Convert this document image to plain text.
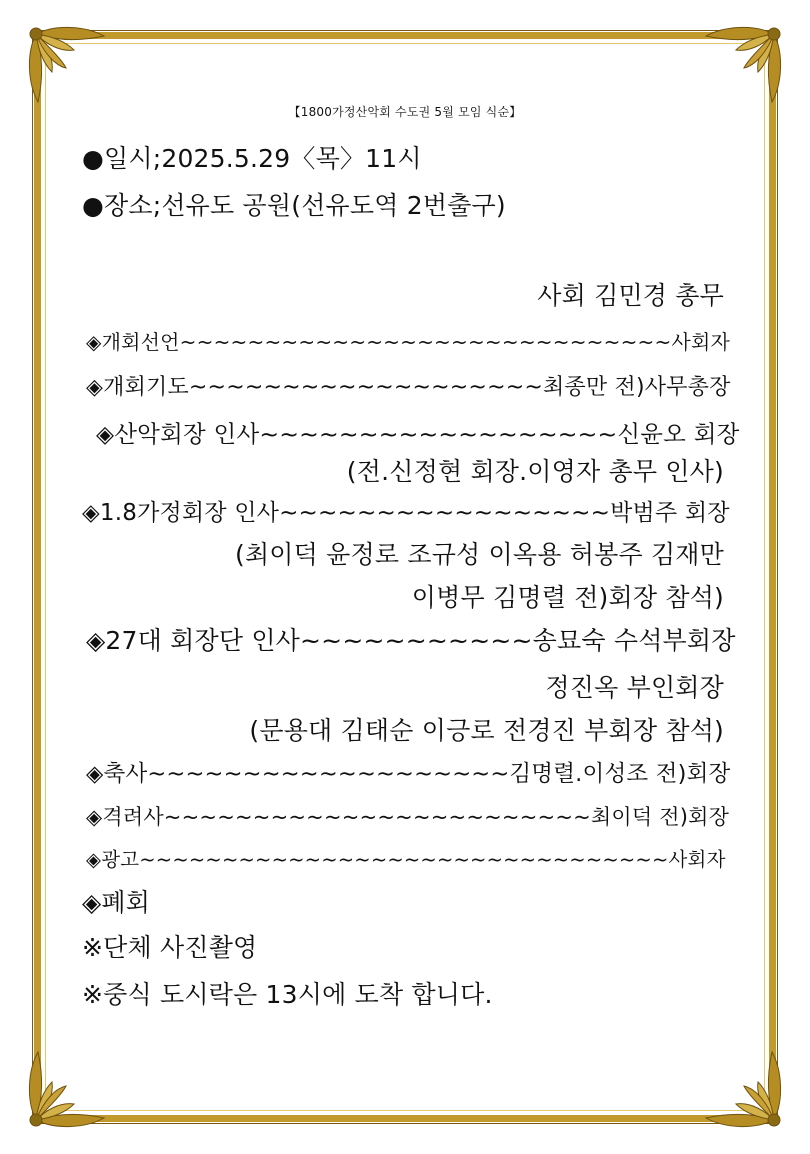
【1800가정산악회 수도권 5월 모임 식순】
●일시;2025.5.29〈목〉11시
●장소;선유도 공원(선유도역 2번출구)
사회 김민경 총무
◈개회선언~~~~~~~~~~~~~~~~~~~~~~~~~~~~~사회자
◈개회기도~~~~~~~~~~~~~~~~~~~최종만 전)사무총장
◈산악회장 인사~~~~~~~~~~~~~~~~~~신윤오 회장
(전.신정현 회장.이영자 총무 인사)
◈1.8가정회장 인사~~~~~~~~~~~~~~~~~박범주 회장
(최이덕 윤정로 조규성 이옥용 허봉주 김재만
이병무 김명렬 전)회장 참석)
◈27대 회장단 인사~~~~~~~~~~~송묘숙 수석부회장
정진옥 부인회장
(문용대 김태순 이긍로 전경진 부회장 참석)
◈축사~~~~~~~~~~~~~~~~~~~김명렬.이성조 전)회장
◈격려사~~~~~~~~~~~~~~~~~~~~~~~~최이덕 전)회장
◈광고~~~~~~~~~~~~~~~~~~~~~~~~~~~~~~~~사회자
◈폐회
※단체 사진촬영
※중식 도시락은 13시에 도착 합니다.
